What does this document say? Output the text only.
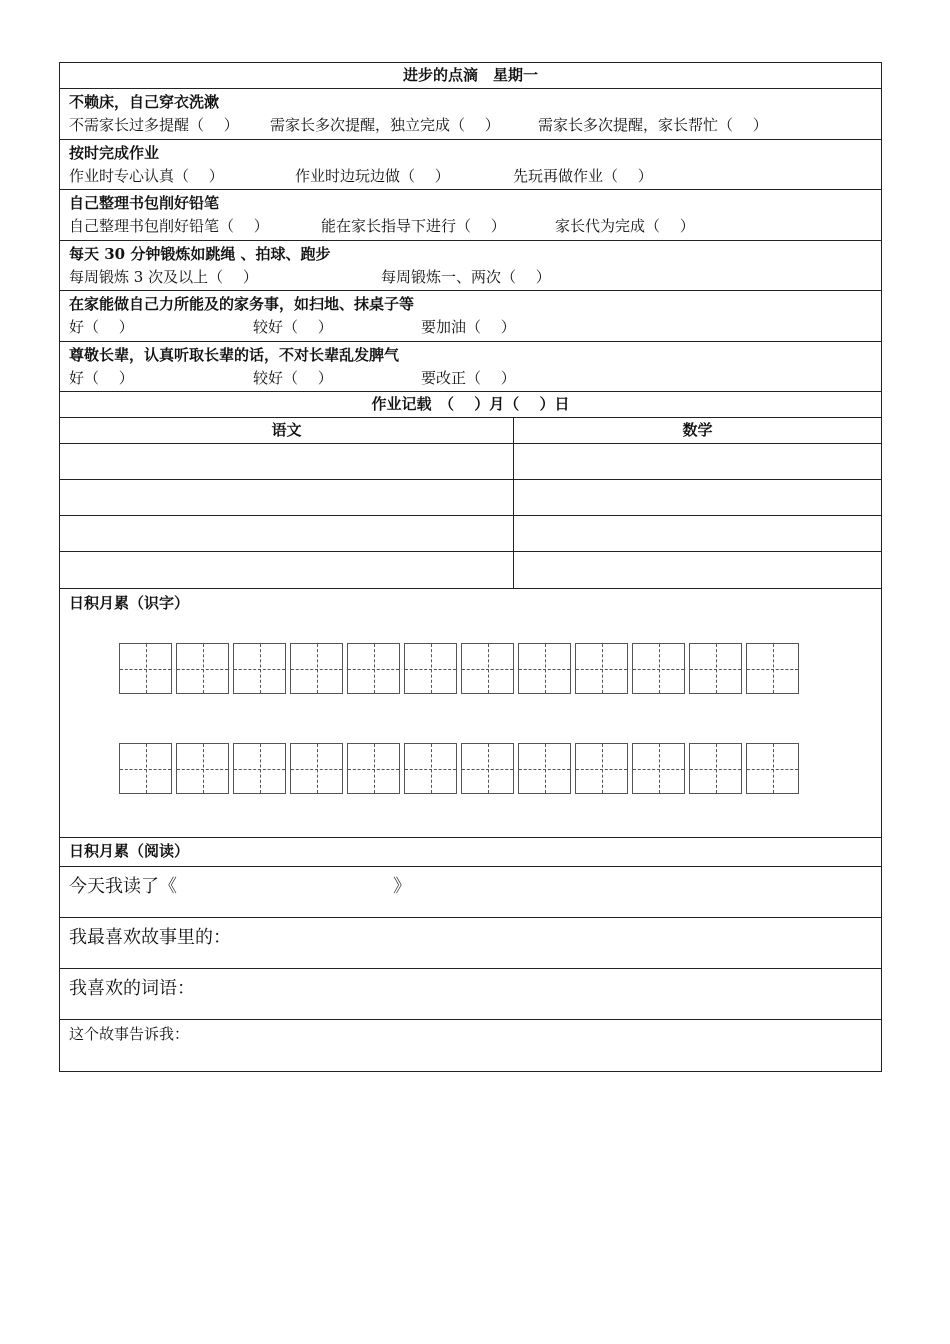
进步的点滴　星期一
不赖床，自己穿衣洗漱
不需家长过多提醒（　 ） 需家长多次提醒，独立完成（　 ）	需家长多次提醒，家长帮忙（　 ）
按时完成作业
作业时专心认真（　 ）	作业时边玩边做（　 ）	先玩再做作业（　 ）
自己整理书包削好铅笔
自己整理书包削好铅笔（　 ）	能在家长指导下进行（　 ）	家长代为完成（　 ）
每天 30 分钟锻炼如跳绳 、拍球、跑步
每周锻炼 3 次及以上（　 ）	每周锻炼一、两次（　 ）
在家能做自己力所能及的家务事，如扫地、抹桌子等
好（　 ）	较好（　 ）	要加油（　 ）
尊敬长辈，认真听取长辈的话，不对长辈乱发脾气
好（　 ）	较好（　 ）	要改正（　 ）
作业记载　（　 ）月（　 ）日
语文	数学
日积月累（识字）
日积月累（阅读）
今天我读了《　　　　　　　　　　　　》
我最喜欢故事里的：
我喜欢的词语：
这个故事告诉我：
